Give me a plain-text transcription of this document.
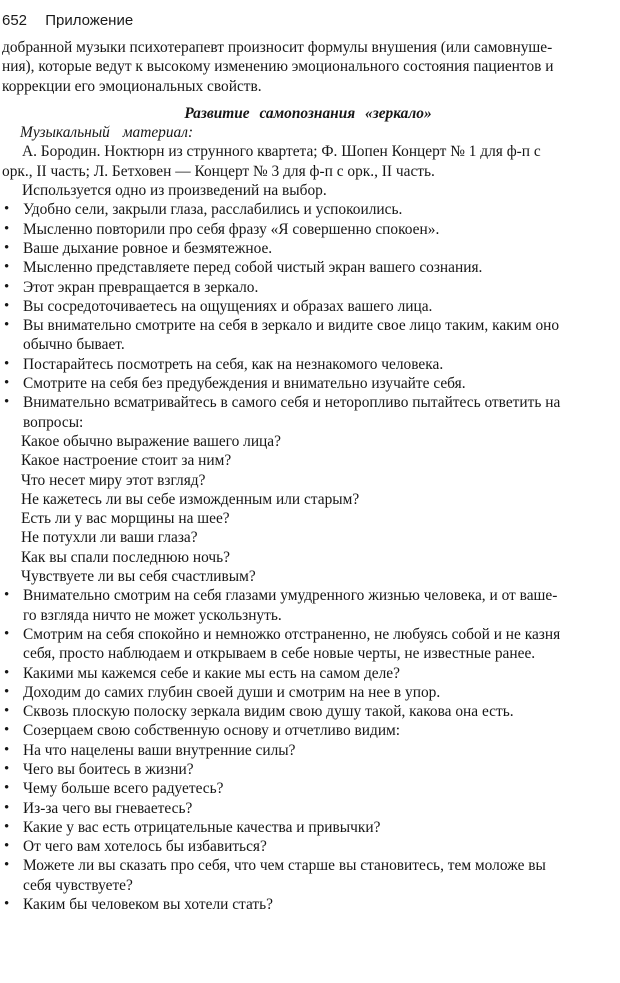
652 Приложение
добранной музыки психотерапевт произносит формулы внушения (или самовнуше-
ния), которые ведут к высокому изменению эмоционального состояния пациентов и
коррекции его эмоциональных свойств.
Развитие самопознания «зеркало»
Музыкальный материал:
А. Бородин. Ноктюрн из струнного квартета; Ф. Шопен Концерт № 1 для ф-п с
орк., II часть; Л. Бетховен — Концерт № 3 для ф-п с орк., II часть.
Используется одно из произведений на выбор.
• Удобно сели, закрыли глаза, расслабились и успокоились.
• Мысленно повторили про себя фразу «Я совершенно спокоен».
• Ваше дыхание ровное и безмятежное.
• Мысленно представляете перед собой чистый экран вашего сознания.
• Этот экран превращается в зеркало.
• Вы сосредоточиваетесь на ощущениях и образах вашего лица.
• Вы внимательно смотрите на себя в зеркало и видите свое лицо таким, каким оно
обычно бывает.
• Постарайтесь посмотреть на себя, как на незнакомого человека.
• Смотрите на себя без предубеждения и внимательно изучайте себя.
• Внимательно всматривайтесь в самого себя и неторопливо пытайтесь ответить на
вопросы:
Какое обычно выражение вашего лица?
Какое настроение стоит за ним?
Что несет миру этот взгляд?
Не кажетесь ли вы себе изможденным или старым?
Есть ли у вас морщины на шее?
Не потухли ли ваши глаза?
Как вы спали последнюю ночь?
Чувствуете ли вы себя счастливым?
• Внимательно смотрим на себя глазами умудренного жизнью человека, и от ваше-
го взгляда ничто не может ускользнуть.
• Смотрим на себя спокойно и немножко отстраненно, не любуясь собой и не казня
себя, просто наблюдаем и открываем в себе новые черты, не известные ранее.
• Какими мы кажемся себе и какие мы есть на самом деле?
• Доходим до самих глубин своей души и смотрим на нее в упор.
• Сквозь плоскую полоску зеркала видим свою душу такой, какова она есть.
• Созерцаем свою собственную основу и отчетливо видим:
• На что нацелены ваши внутренние силы?
• Чего вы боитесь в жизни?
• Чему больше всего радуетесь?
• Из-за чего вы гневаетесь?
• Какие у вас есть отрицательные качества и привычки?
• От чего вам хотелось бы избавиться?
• Можете ли вы сказать про себя, что чем старше вы становитесь, тем моложе вы
себя чувствуете?
• Каким бы человеком вы хотели стать?
